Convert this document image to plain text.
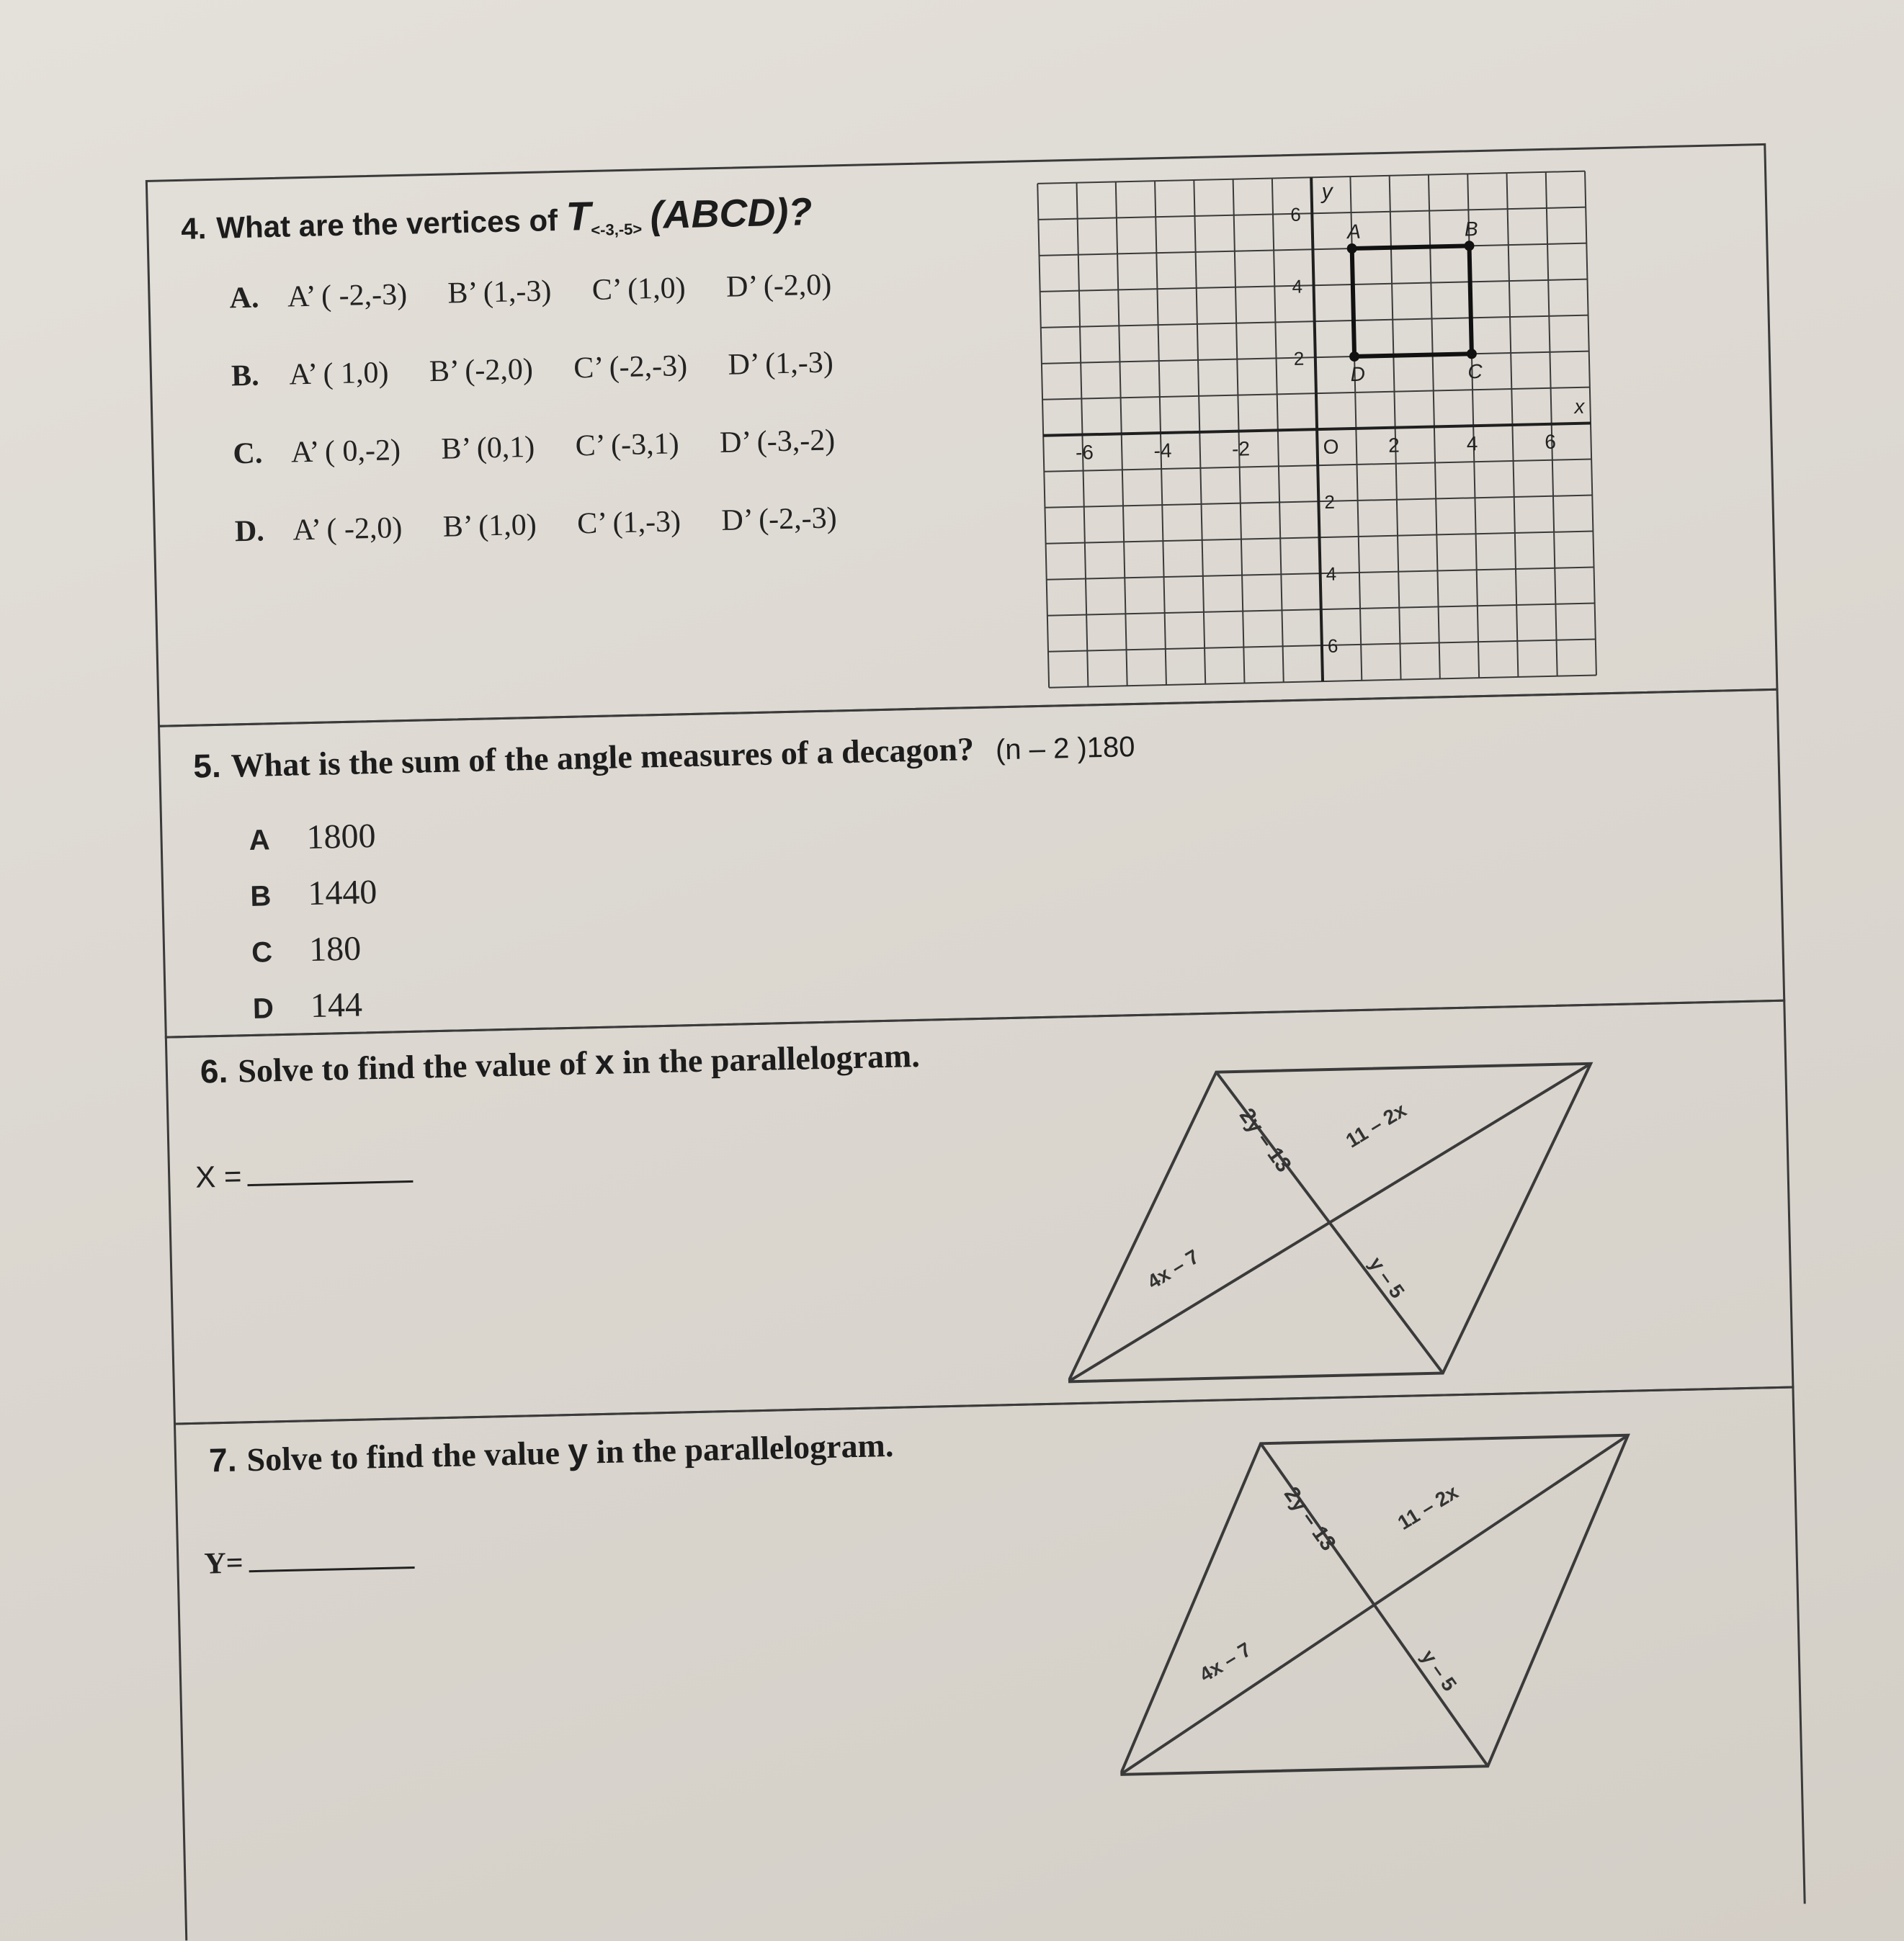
4. What are the vertices of $T_{<-3,-5>}$ (ABCD)?
A. A’ ( -2,-3) B’ (1,-3) C’ (1,0) D’ (-2,0)
B. A’ ( 1,0) B’ (-2,0) C’ (-2,-3) D’ (1,-3)
C. A’ ( 0,-2) B’ (0,1) C’ (-3,1) D’ (-3,-2)
D. A’ ( -2,0) B’ (1,0) C’ (1,-3) D’ (-2,-3)
x
y
-6	-4	-2	O 2	4	6
6
4
2
2
4
6
A	B
C
D
5. What is the sum of the angle measures of a decagon? (n – 2 )180
A 1800
B 1440
C 180
D 144
6. Solve to find the value of x in the parallelogram.
X =	2y – 13 11 – 2x
4x – 7	y – 5
7. Solve to find the value y in the parallelogram.
Y=
2y – 13	11 – 2x
4x – 7	y – 5
